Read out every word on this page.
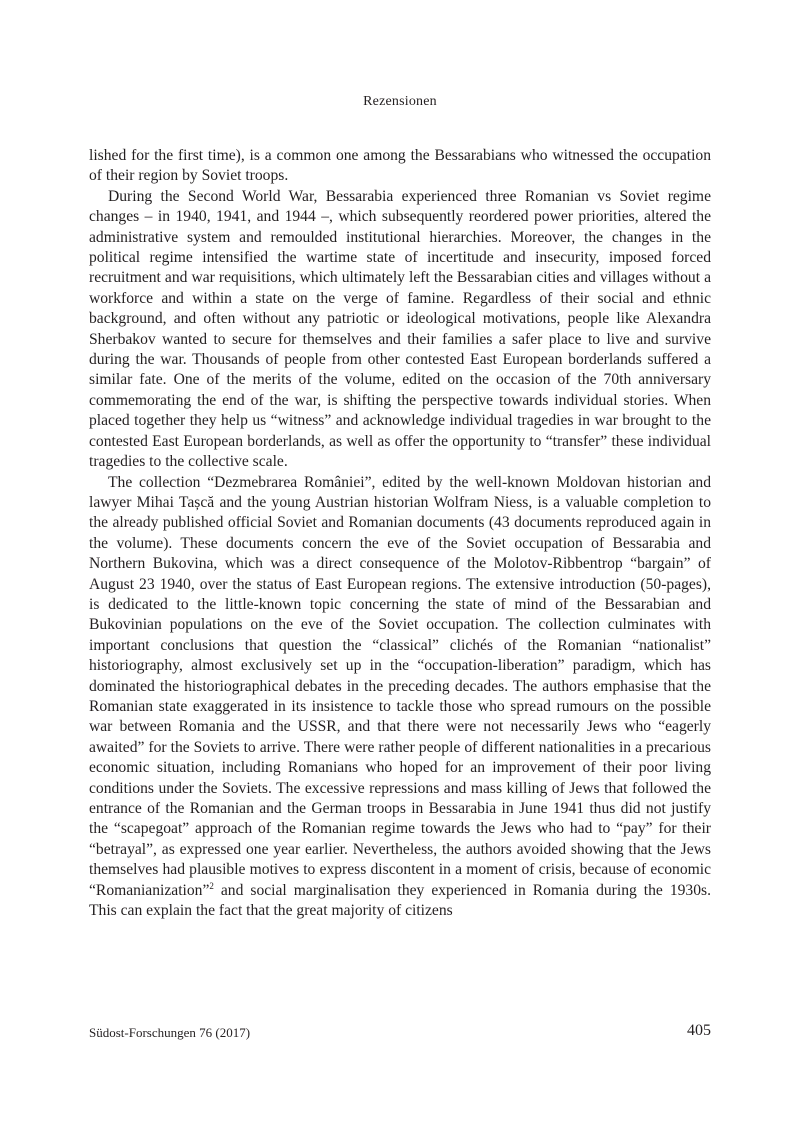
Rezensionen

lished for the first time), is a common one among the Bessarabians who witnessed the occupation of their region by Soviet troops.

During the Second World War, Bessarabia experienced three Romanian vs Soviet regime changes – in 1940, 1941, and 1944 –, which subsequently reordered power priorities, altered the administrative system and remoulded institutional hierarchies. Moreover, the changes in the political regime intensified the wartime state of incertitude and insecurity, imposed forced recruitment and war requisitions, which ultimately left the Bessarabian cities and villages without a workforce and within a state on the verge of famine. Regardless of their social and ethnic background, and often without any patriotic or ideological motivations, people like Alexandra Sherbakov wanted to secure for themselves and their families a safer place to live and survive during the war. Thousands of people from other contested East European borderlands suffered a similar fate. One of the merits of the volume, edited on the occasion of the 70th anniversary commemorating the end of the war, is shifting the perspective towards individual stories. When placed together they help us “witness” and acknowledge individual tragedies in war brought to the contested East European borderlands, as well as offer the opportunity to “transfer” these individual tragedies to the collective scale.

The collection “Dezmebrarea României”, edited by the well-known Moldovan historian and lawyer Mihai Tașcă and the young Austrian historian Wolfram Niess, is a valuable completion to the already published official Soviet and Romanian documents (43 documents reproduced again in the volume). These documents concern the eve of the Soviet occupation of Bessarabia and Northern Bukovina, which was a direct consequence of the Molotov-Ribbentrop “bargain” of August 23 1940, over the status of East European regions. The extensive introduction (50-pages), is dedicated to the little-known topic concerning the state of mind of the Bessarabian and Bukovinian populations on the eve of the Soviet occupation. The collection culminates with important conclusions that question the “classical” clichés of the Romanian “nationalist” historiography, almost exclusively set up in the “occupation-liberation” paradigm, which has dominated the historiographical debates in the preceding decades. The authors emphasise that the Romanian state exaggerated in its insistence to tackle those who spread rumours on the possible war between Romania and the USSR, and that there were not necessarily Jews who “eagerly awaited” for the Soviets to arrive. There were rather people of different nationalities in a precarious economic situation, including Romanians who hoped for an improvement of their poor living conditions under the Soviets. The excessive repressions and mass killing of Jews that followed the entrance of the Romanian and the German troops in Bessarabia in June 1941 thus did not justify the “scapegoat” approach of the Romanian regime towards the Jews who had to “pay” for their “betrayal”, as expressed one year earlier. Nevertheless, the authors avoided showing that the Jews themselves had plausible motives to express discontent in a moment of crisis, because of economic “Romanianization”$^2$ and social marginalisation they experienced in Romania during the 1930s. This can explain the fact that the great majority of citizens

Südost-Forschungen 76 (2017)	405
